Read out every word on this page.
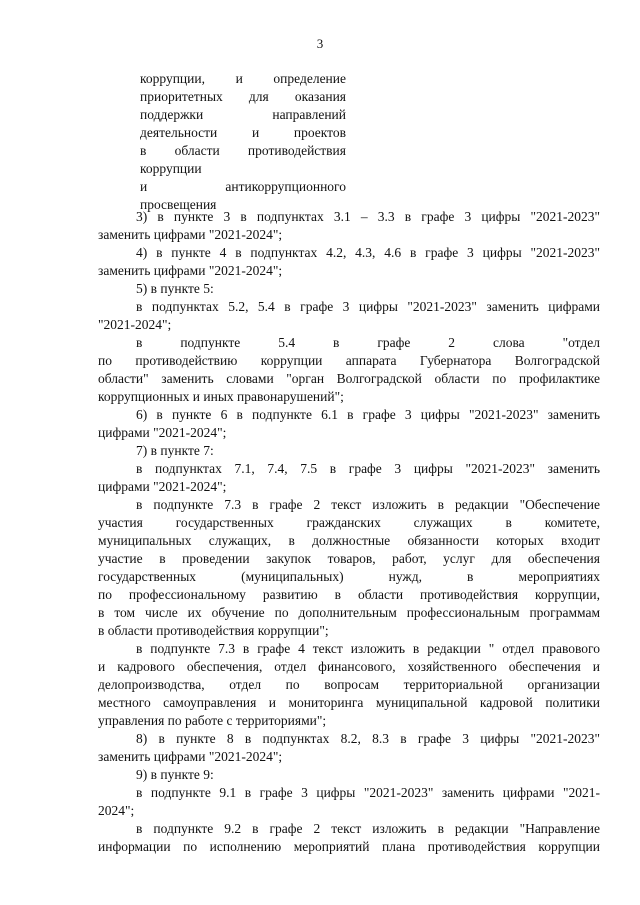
3
коррупции, и определение
приоритетных для оказания
поддержки направлений
деятельности и проектов
в области противодействия
коррупции
и антикоррупционного
просвещения
3) в пункте 3 в подпунктах 3.1 – 3.3 в графе 3 цифры "2021-2023"
заменить цифрами "2021-2024";
4) в пункте 4 в подпунктах 4.2, 4.3, 4.6 в графе 3 цифры "2021-2023"
заменить цифрами "2021-2024";
5) в пункте 5:
в подпунктах 5.2, 5.4 в графе 3 цифры "2021-2023" заменить цифрами
"2021-2024";
в подпункте 5.4 в графе 2 слова "отдел
по противодействию коррупции аппарата Губернатора Волгоградской
области" заменить словами "орган Волгоградской области по профилактике
коррупционных и иных правонарушений";
6) в пункте 6 в подпункте 6.1 в графе 3 цифры "2021-2023" заменить
цифрами "2021-2024";
7) в пункте 7:
в подпунктах 7.1, 7.4, 7.5 в графе 3 цифры "2021-2023" заменить
цифрами "2021-2024";
в подпункте 7.3 в графе 2 текст изложить в редакции "Обеспечение
участия государственных гражданских служащих в комитете,
муниципальных служащих, в должностные обязанности которых входит
участие в проведении закупок товаров, работ, услуг для обеспечения
государственных (муниципальных) нужд, в мероприятиях
по профессиональному развитию в области противодействия коррупции,
в том числе их обучение по дополнительным профессиональным программам
в области противодействия коррупции";
в подпункте 7.3 в графе 4 текст изложить в редакции " отдел правового
и кадрового обеспечения, отдел финансового, хозяйственного обеспечения и
делопроизводства, отдел по вопросам территориальной организации
местного самоуправления и мониторинга муниципальной кадровой политики
управления по работе с территориями";
8) в пункте 8 в подпунктах 8.2, 8.3 в графе 3 цифры "2021-2023"
заменить цифрами "2021-2024";
9) в пункте 9:
в подпункте 9.1 в графе 3 цифры "2021-2023" заменить цифрами "2021-
2024";
в подпункте 9.2 в графе 2 текст изложить в редакции "Направление
информации по исполнению мероприятий плана противодействия коррупции
